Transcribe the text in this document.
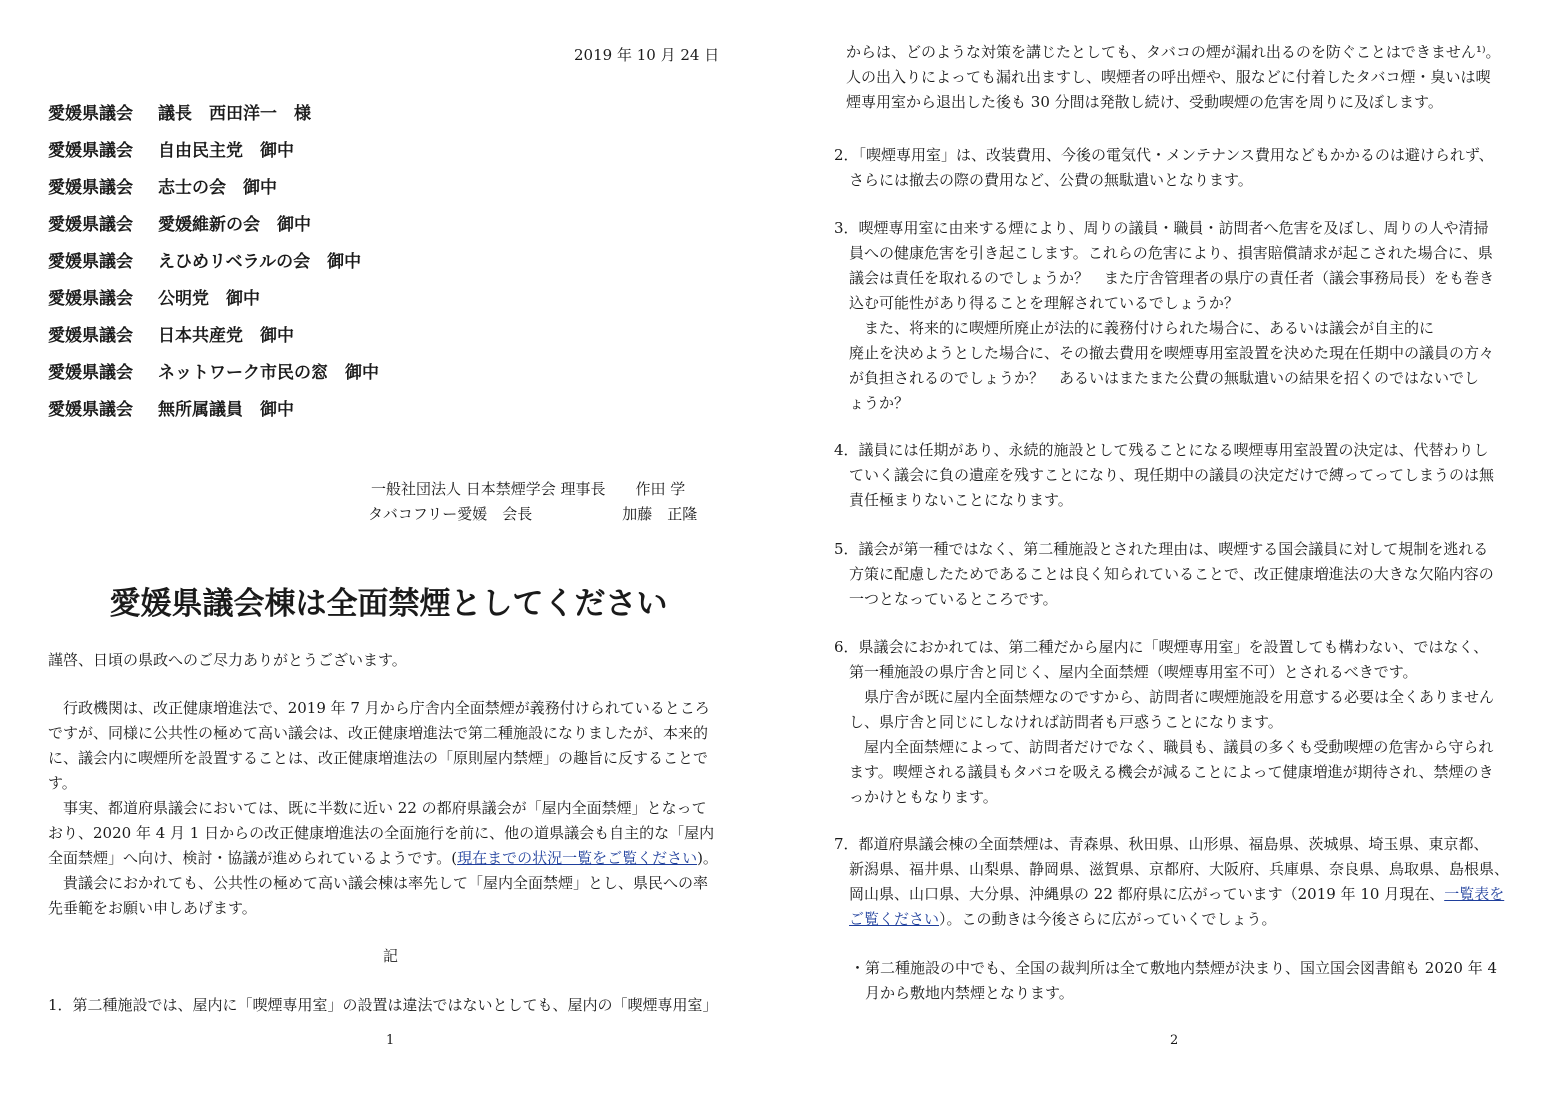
2019 年 10 月 24 日
愛媛県議会 議長　西田洋一　様
愛媛県議会 自由民主党　御中
愛媛県議会 志士の会　御中
愛媛県議会 愛媛維新の会　御中
愛媛県議会 えひめリベラルの会　御中
愛媛県議会 公明党　御中
愛媛県議会 日本共産党　御中
愛媛県議会 ネットワーク市民の窓　御中
愛媛県議会 無所属議員　御中
一般社団法人 日本禁煙学会 理事長　　作田 学
タバコフリー愛媛　会長　　　　　　加藤　正隆
愛媛県議会棟は全面禁煙としてください
謹啓、日頃の県政へのご尽力ありがとうございます。
　行政機関は、改正健康増進法で、2019 年 7 月から庁舎内全面禁煙が義務付けられているところ
ですが、同様に公共性の極めて高い議会は、改正健康増進法で第二種施設になりましたが、本来的
に、議会内に喫煙所を設置することは、改正健康増進法の「原則屋内禁煙」の趣旨に反することで
す。
　事実、都道府県議会においては、既に半数に近い 22 の都府県議会が「屋内全面禁煙」となって
おり、2020 年 4 月 1 日からの改正健康増進法の全面施行を前に、他の道県議会も自主的な「屋内
全面禁煙」へ向け、検討・協議が進められているようです。(現在までの状況一覧をご覧ください)。
　貴議会におかれても、公共性の極めて高い議会棟は率先して「屋内全面禁煙」とし、県民への率
先垂範をお願い申しあげます。
記
1．第二種施設では、屋内に「喫煙専用室」の設置は違法ではないとしても、屋内の「喫煙専用室」
1
からは、どのような対策を講じたとしても、タバコの煙が漏れ出るのを防ぐことはできません¹⁾。
人の出入りによっても漏れ出ますし、喫煙者の呼出煙や、服などに付着したタバコ煙・臭いは喫
煙専用室から退出した後も 30 分間は発散し続け、受動喫煙の危害を周りに及ぼします。
2．「喫煙専用室」は、改装費用、今後の電気代・メンテナンス費用などもかかるのは避けられず、
　さらには撤去の際の費用など、公費の無駄遣いとなります。
3．喫煙専用室に由来する煙により、周りの議員・職員・訪問者へ危害を及ぼし、周りの人や清掃
　員への健康危害を引き起こします。これらの危害により、損害賠償請求が起こされた場合に、県
　議会は責任を取れるのでしょうか？　また庁舎管理者の県庁の責任者（議会事務局長）をも巻き
　込む可能性があり得ることを理解されているでしょうか？
　　また、将来的に喫煙所廃止が法的に義務付けられた場合に、あるいは議会が自主的に
　廃止を決めようとした場合に、その撤去費用を喫煙専用室設置を決めた現在任期中の議員の方々
　が負担されるのでしょうか？　あるいはまたまた公費の無駄遣いの結果を招くのではないでし
　ょうか？
4．議員には任期があり、永続的施設として残ることになる喫煙専用室設置の決定は、代替わりし
　ていく議会に負の遺産を残すことになり、現任期中の議員の決定だけで縛ってってしまうのは無
　責任極まりないことになります。
5．議会が第一種ではなく、第二種施設とされた理由は、喫煙する国会議員に対して規制を逃れる
　方策に配慮したためであることは良く知られていることで、改正健康増進法の大きな欠陥内容の
　一つとなっているところです。
6．県議会におかれては、第二種だから屋内に「喫煙専用室」を設置しても構わない、ではなく、
　第一種施設の県庁舎と同じく、屋内全面禁煙（喫煙専用室不可）とされるべきです。
　　県庁舎が既に屋内全面禁煙なのですから、訪問者に喫煙施設を用意する必要は全くありません
　し、県庁舎と同じにしなければ訪問者も戸惑うことになります。
　　屋内全面禁煙によって、訪問者だけでなく、職員も、議員の多くも受動喫煙の危害から守られ
　ます。喫煙される議員もタバコを吸える機会が減ることによって健康増進が期待され、禁煙のき
　っかけともなります。
7．都道府県議会棟の全面禁煙は、青森県、秋田県、山形県、福島県、茨城県、埼玉県、東京都、
　新潟県、福井県、山梨県、静岡県、滋賀県、京都府、大阪府、兵庫県、奈良県、鳥取県、島根県、
　岡山県、山口県、大分県、沖縄県の 22 都府県に広がっています（2019 年 10 月現在、一覧表を
　ご覧ください）。この動きは今後さらに広がっていくでしょう。
・第二種施設の中でも、全国の裁判所は全て敷地内禁煙が決まり、国立国会図書館も 2020 年 4
　月から敷地内禁煙となります。
2
